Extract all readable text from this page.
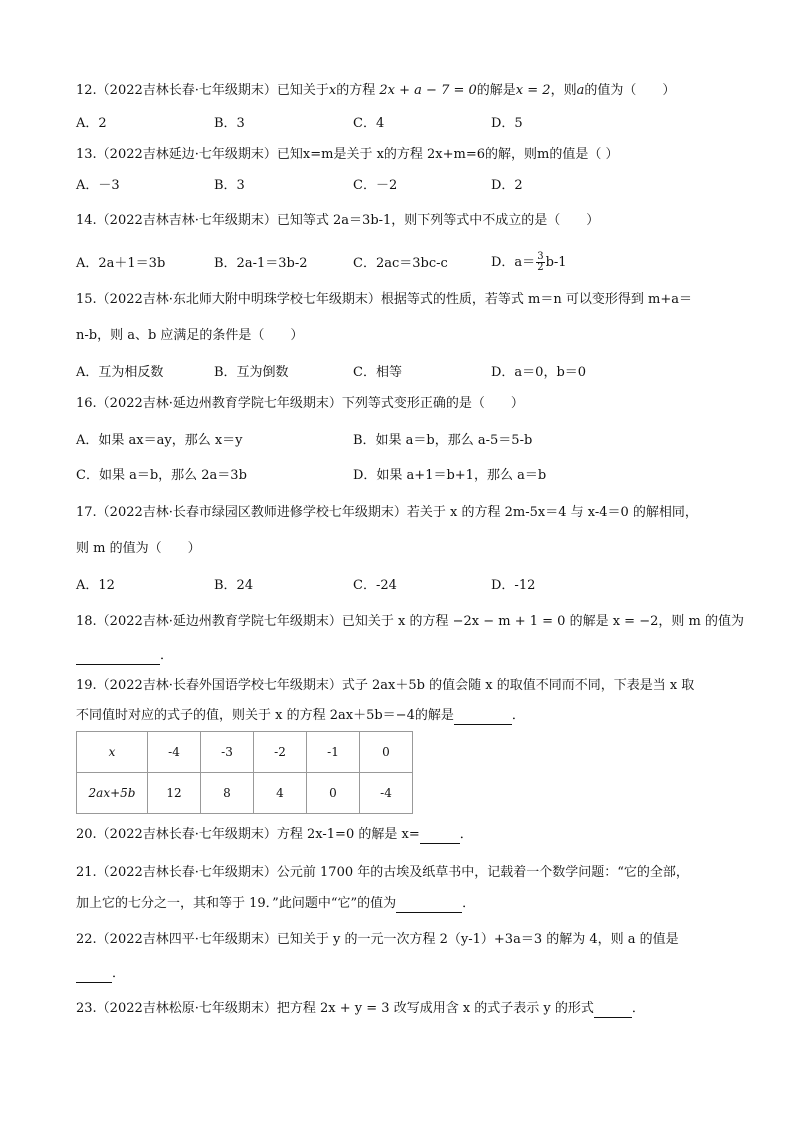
12.（2022吉林长春·七年级期末）已知关于x的方程 2x + a − 7 = 0的解是x = 2，则a的值为（　　）
A．2	B．3	C．4	D．5
13.（2022吉林延边·七年级期末）已知x=m是关于 x的方程 2x+m=6的解，则m的值是（ ）
A．－3	B．3	C．－2	D．2
14.（2022吉林吉林·七年级期末）已知等式 2a＝3b-1，则下列等式中不成立的是（　　）
A．2a＋1＝3b	B．2a-1＝3b-2	C．2ac＝3bc-c	D．$a= \frac{3}{2} b-1$
15.（2022吉林·东北师大附中明珠学校七年级期末）根据等式的性质，若等式 m＝n 可以变形得到 m+a＝
n-b，则 a、b 应满足的条件是（　　）
A．互为相反数	B．互为倒数	C．相等	D．a＝0，b＝0
16.（2022吉林·延边州教育学院七年级期末）下列等式变形正确的是（　　）
A．如果 ax＝ay，那么 x＝y	B．如果 a＝b，那么 a-5＝5-b
C．如果 a＝b，那么 2a＝3b	D．如果 a+1＝b+1，那么 a＝b
17.（2022吉林·长春市绿园区教师进修学校七年级期末）若关于 x 的方程 2m-5x＝4 与 x-4＝0 的解相同，
则 m 的值为（　　）
A．12	B．24	C．-24	D．-12
18.（2022吉林·延边州教育学院七年级期末）已知关于 x 的方程 −2x − m + 1 = 0 的解是 x = −2，则 m 的值为
．
19.（2022吉林·长春外国语学校七年级期末）式子 2ax＋5b 的值会随 x 的取值不同而不同，下表是当 x 取
不同值时对应的式子的值，则关于 x 的方程 2ax＋5b＝−4的解是	．
x	-4	-3	-2	-1	0
2ax+5b	12	8	4	0	-4
20.（2022吉林长春·七年级期末）方程 2x-1=0 的解是 x=	．
21.（2022吉林长春·七年级期末）公元前 1700 年的古埃及纸草书中，记载着一个数学问题：“它的全部，
加上它的七分之一，其和等于 19．”此问题中“它”的值为	．
22.（2022吉林四平·七年级期末）已知关于 y 的一元一次方程 2（y-1）+3a＝3 的解为 4，则 a 的值是
．
23.（2022吉林松原·七年级期末）把方程 2x + y = 3 改写成用含 x 的式子表示 y 的形式	．
